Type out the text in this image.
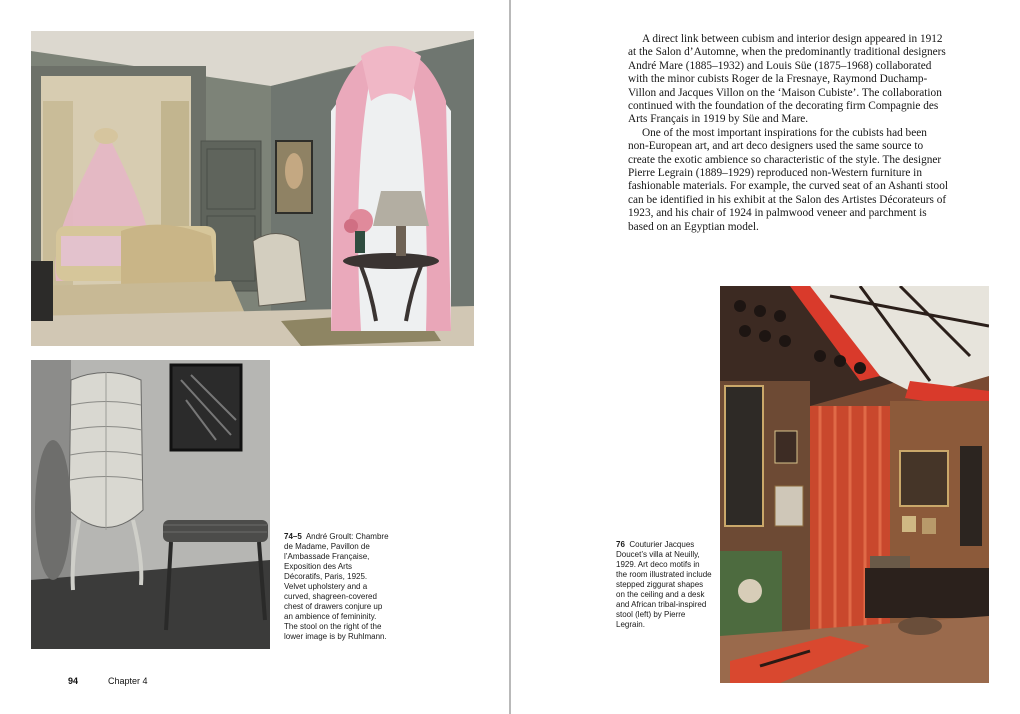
74–5 André Groult: Chambre de Madame, Pavillon de l’Ambassade Française, Exposition des Arts Décoratifs, Paris, 1925. Velvet upholstery and a curved, shagreen-covered chest of drawers conjure up an ambience of femininity. The stool on the right of the lower image is by Ruhlmann.
94	Chapter 4

A direct link between cubism and interior design appeared in 1912 at the Salon d’Automne, when the predominantly traditional designers André Mare (1885–1932) and Louis Süe (1875–1968) collaborated with the minor cubists Roger de la Fresnaye, Raymond Duchamp-Villon and Jacques Villon on the ‘Maison Cubiste’. The collaboration continued with the foundation of the decorating firm Compagnie des Arts Français in 1919 by Süe and Mare.

One of the most important inspirations for the cubists had been non-European art, and art deco designers used the same source to create the exotic ambience so characteristic of the style. The designer Pierre Legrain (1889–1929) reproduced non-Western furniture in fashionable materials. For example, the curved seat of an Ashanti stool can be identified in his exhibit at the Salon des Artistes Décorateurs of 1923, and his chair of 1924 in palmwood veneer and parchment is based on an Egyptian model.

76 Couturier Jacques Doucet’s villa at Neuilly, 1929. Art deco motifs in the room illustrated include stepped ziggurat shapes on the ceiling and a desk and African tribal-inspired stool (left) by Pierre Legrain.
